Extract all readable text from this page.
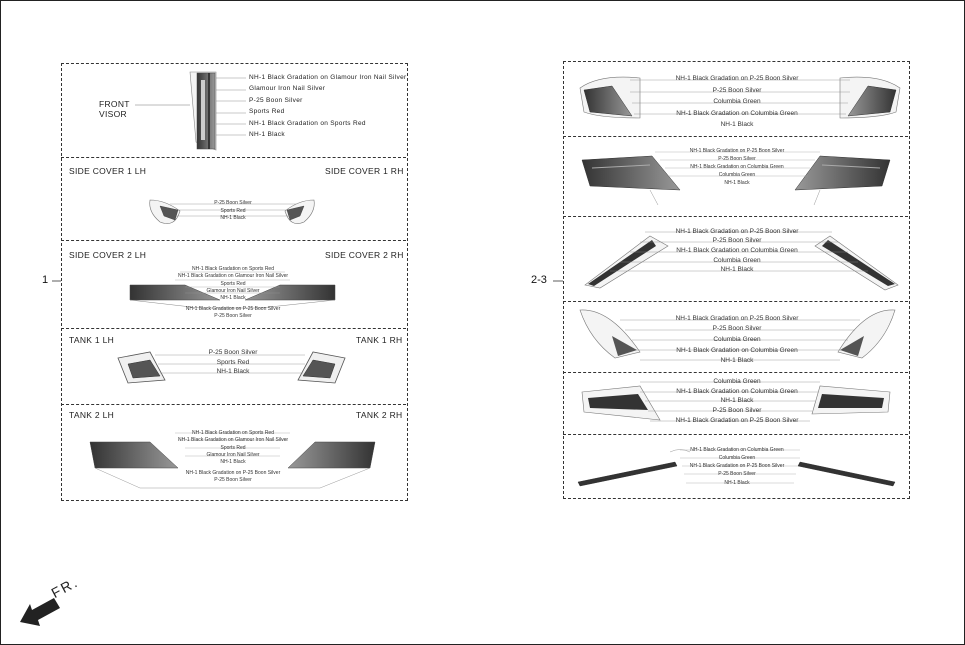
1	2-3
FRONT
VISOR
SIDE COVER 1 LH	SIDE COVER 1 RH
SIDE COVER 2 LH	SIDE COVER 2 RH
TANK 1 LH	TANK 1 RH
TANK 2 LH	TANK 2 RH
NH-1 Black Gradation on Glamour Iron Nail Silver
Glamour Iron Nail Silver
P-25 Boon Silver
Sports Red
NH-1 Black Gradation on Sports Red
NH-1 Black
P-25 Boon Silver
Sports Red
NH-1 Black
NH-1 Black Gradation on Sports Red
NH-1 Black Gradation on Glamour Iron Nail Silver
Sports Red
Glamour Iron Nail Silver
NH-1 Black
NH-1 Black Gradation on P-25 Boon Silver
P-25 Boon Silver
P-25 Boon Silver
Sports Red
NH-1 Black
NH-1 Black Gradation on Sports Red
NH-1 Black Gradation on Glamour Iron Nail Silver
Sports Red
Glamour Iron Nail Silver
NH-1 Black
NH-1 Black Gradation on P-25 Boon Silver
P-25 Boon Silver
NH-1 Black Gradation on P-25 Boon Silver
P-25 Boon Silver
Columbia Green
NH-1 Black Gradation on Columbia Green
NH-1 Black
NH-1 Black Gradation on P-25 Boon Silver
P-25 Boon Silver
NH-1 Black Gradation on Columbia Green
Columbia Green
NH-1 Black
NH-1 Black Gradation on P-25 Boon Silver
P-25 Boon Silver
NH-1 Black Gradation on Columbia Green
Columbia Green
NH-1 Black
NH-1 Black Gradation on P-25 Boon Silver
P-25 Boon Silver
Columbia Green
NH-1 Black Gradation on Columbia Green
NH-1 Black
Columbia Green
NH-1 Black Gradation on Columbia Green
NH-1 Black
P-25 Boon Silver
NH-1 Black Gradation on P-25 Boon Silver
NH-1 Black Gradation on Columbia Green
Columbia Green
NH-1 Black Gradation on P-25 Boon Silver
P-25 Boon Silver
NH-1 Black
FR.
